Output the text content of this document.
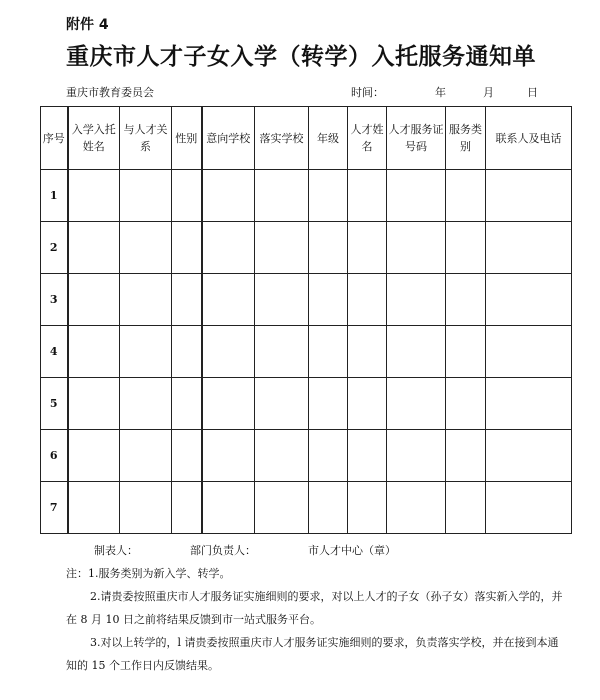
附件 4
重庆市人才子女入学（转学）入托服务通知单
重庆市教育委员会	时间：	年	月	日
序号	入学入托姓名	与人才关系	性别	意向学校	落实学校	年级	人才姓名	人才服务证号码	服务类别	联系人及电话
1										
2										
3										
4										
5										
6										
7										
制表人：	部门负责人：	市人才中心（章）

注：1.服务类别为新入学、转学。

2.请贵委按照重庆市人才服务证实施细则的要求，对以上人才的子女（孙子女）落实新入学的，并在 8 月 10 日之前将结果反馈到市一站式服务平台。

3.对以上转学的，l 请贵委按照重庆市人才服务证实施细则的要求，负责落实学校，并在接到本通知的 15 个工作日内反馈结果。
